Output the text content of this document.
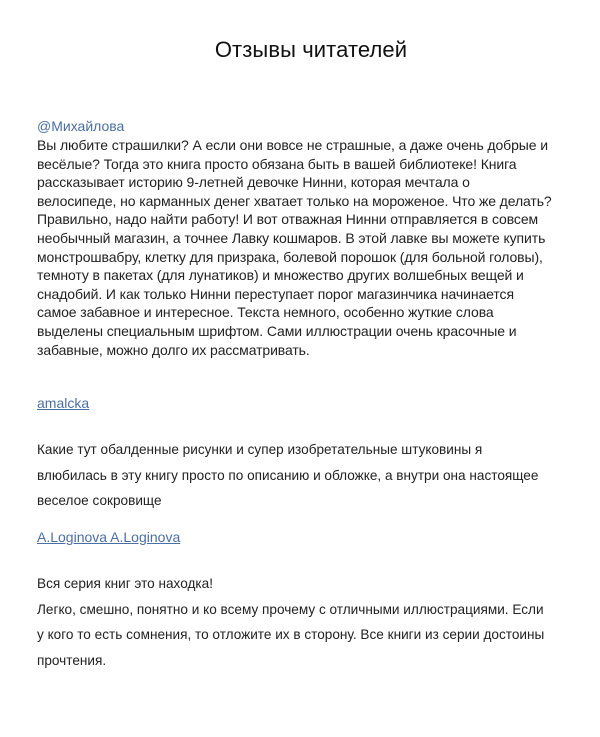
Отзывы читателей
@Михайлова

Вы любите страшилки? А если они вовсе не страшные, а даже очень добрые и
весёлые? Тогда это книга просто обязана быть в вашей библиотеке! Книга
рассказывает историю 9-летней девочке Нинни, которая мечтала о
велосипеде, но карманных денег хватает только на мороженое. Что же делать?
Правильно, надо найти работу! И вот отважная Нинни отправляется в совсем
необычный магазин, а точнее Лавку кошмаров. В этой лавке вы можете купить
монстрошвабру, клетку для призрака, болевой порошок (для больной головы),
темноту в пакетах (для лунатиков) и множество других волшебных вещей и
снадобий. И как только Нинни переступает порог магазинчика начинается
самое забавное и интересное. Текста немного, особенно жуткие слова
выделены специальным шрифтом. Сами иллюстрации очень красочные и
забавные, можно долго их рассматривать.

amalcka

Какие тут обалденные рисунки и супер изобретательные штуковины я
влюбилась в эту книгу просто по описанию и обложке, а внутри она настоящее
веселое сокровище

A.Loginova A.Loginova

Вся серия книг это находка!
Легко, смешно, понятно и ко всему прочему с отличными иллюстрациями. Если
у кого то есть сомнения, то отложите их в сторону. Все книги из серии достоины
прочтения.
